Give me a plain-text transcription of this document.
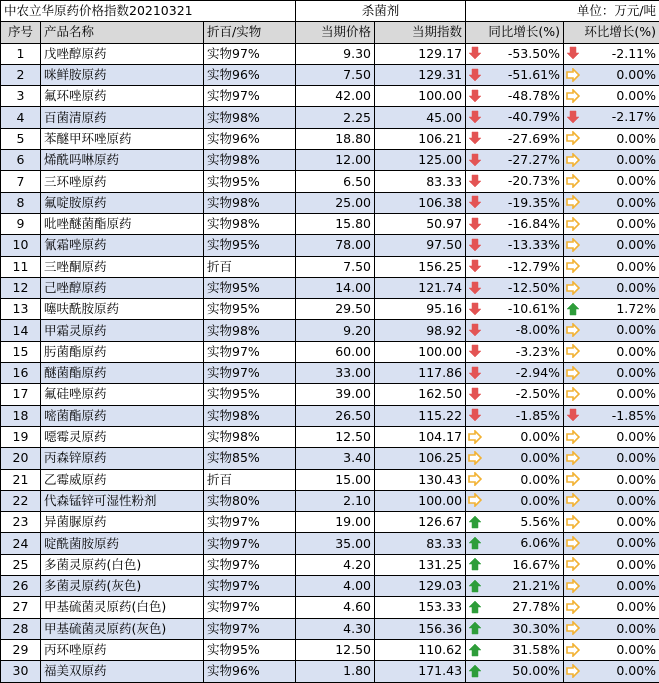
中农立华原药价格指数20210321			杀菌剂		单位：万元/吨	
序号	产品名称	折百/实物	当期价格	当期指数	同比增长(%)	环比增长(%)
1	戊唑醇原药	实物97%	9.30	129.17	-53.50%	-2.11%

2	咪鲜胺原药	实物96%	7.50	129.31	-51.61%	0.00%

3	氟环唑原药	实物97%	42.00	100.00	-48.78%	0.00%

4	百菌清原药	实物98%	2.25	45.00	-40.79%	-2.17%

5	苯醚甲环唑原药	实物96%	18.80	106.21	-27.69%	0.00%

6	烯酰吗啉原药	实物98%	12.00	125.00	-27.27%	0.00%

7	三环唑原药	实物95%	6.50	83.33	-20.73%	0.00%

8	氟啶胺原药	实物98%	25.00	106.38	-19.35%	0.00%

9	吡唑醚菌酯原药	实物98%	15.80	50.97	-16.84%	0.00%

10	氰霜唑原药	实物95%	78.00	97.50	-13.33%	0.00%

11	三唑酮原药	折百	7.50	156.25	-12.79%	0.00%

12	己唑醇原药	实物95%	14.00	121.74	-12.50%	0.00%

13	噻呋酰胺原药	实物95%	29.50	95.16	-10.61%	1.72%

14	甲霜灵原药	实物98%	9.20	98.92	-8.00%	0.00%

15	肟菌酯原药	实物97%	60.00	100.00	-3.23%	0.00%

16	醚菌酯原药	实物97%	33.00	117.86	-2.94%	0.00%

17	氟硅唑原药	实物95%	39.00	162.50	-2.50%	0.00%

18	嘧菌酯原药	实物98%	26.50	115.22	-1.85%	-1.85%

19	噁霉灵原药	实物98%	12.50	104.17	0.00%	0.00%

20	丙森锌原药	实物85%	3.40	106.25	0.00%	0.00%

21	乙霉威原药	折百	15.00	130.43	0.00%	0.00%

22	代森锰锌可湿性粉剂	实物80%	2.10	100.00	0.00%	0.00%

23	异菌脲原药	实物97%	19.00	126.67	5.56%	0.00%

24	啶酰菌胺原药	实物97%	35.00	83.33	6.06%	0.00%

25	多菌灵原药(白色)	实物97%	4.20	131.25	16.67%	0.00%

26	多菌灵原药(灰色)	实物97%	4.00	129.03	21.21%	0.00%

27	甲基硫菌灵原药(白色)	实物97%	4.60	153.33	27.78%	0.00%

28	甲基硫菌灵原药(灰色)	实物97%	4.30	156.36	30.30%	0.00%

29	丙环唑原药	实物95%	12.50	110.62	31.58%	0.00%

30	福美双原药	实物96%	1.80	171.43	50.00%	0.00%
